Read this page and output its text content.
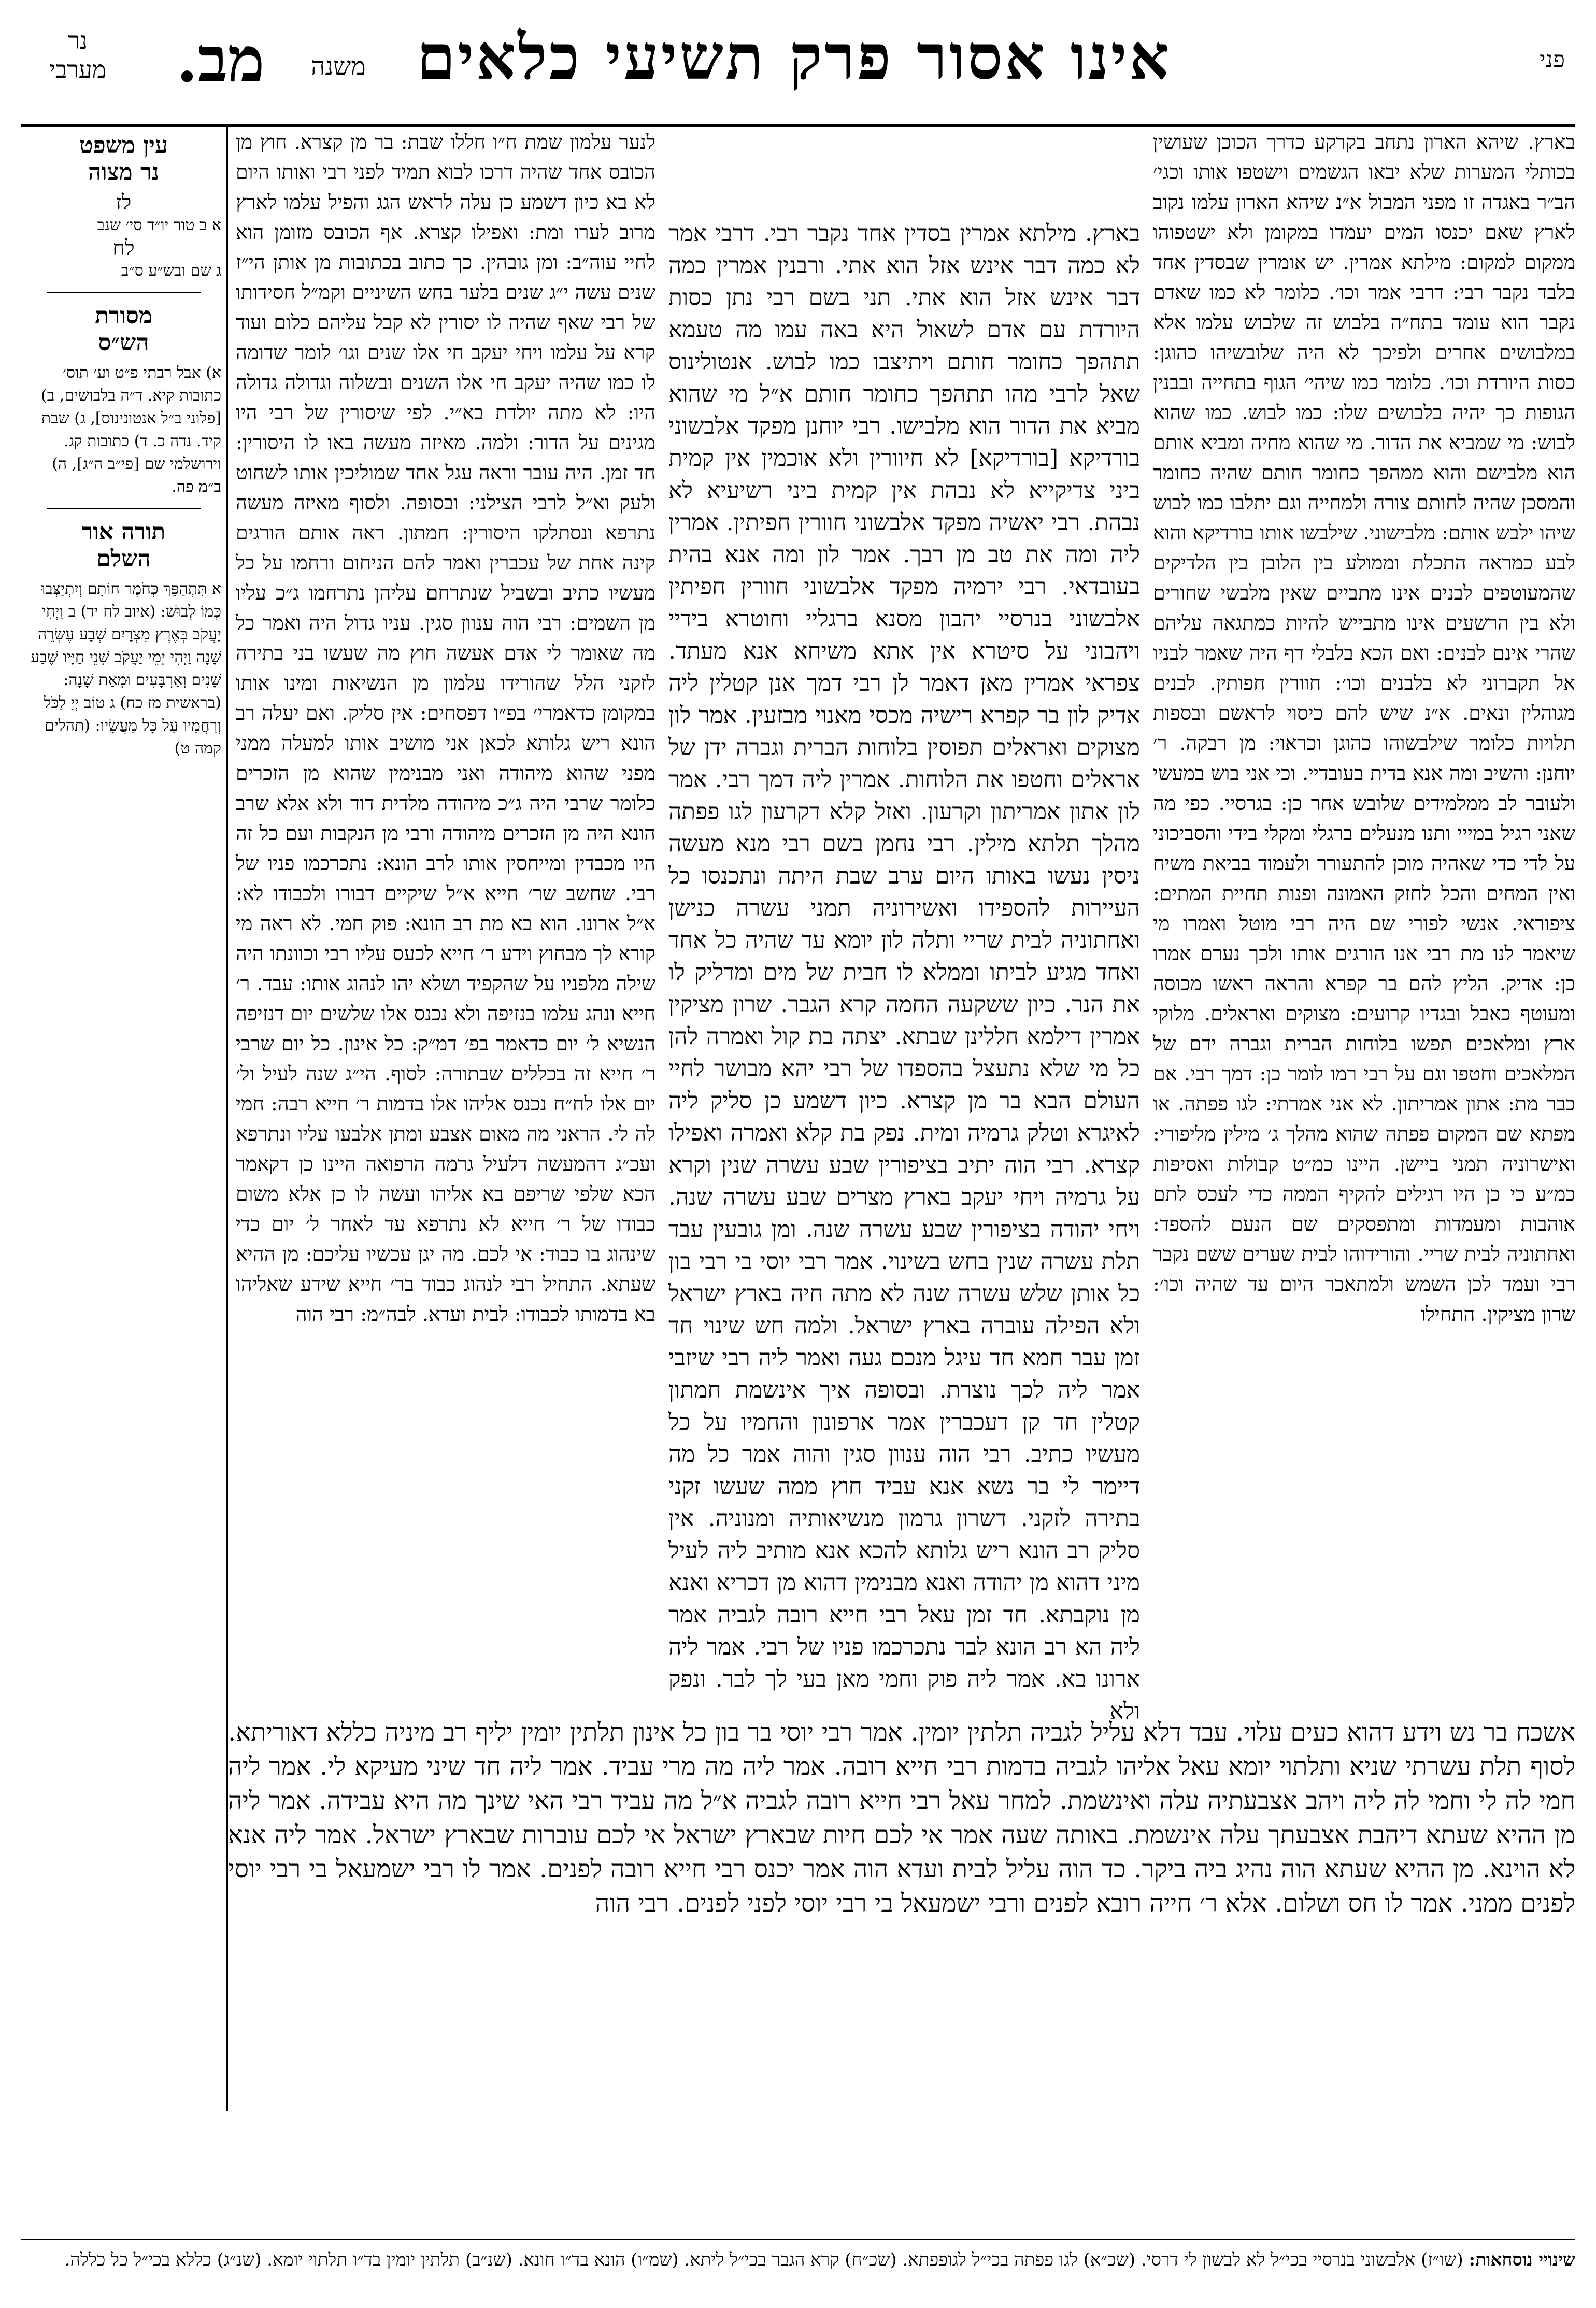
פני
אינו אסור פרק תשיעי כלאים
משנה
מב.
נר
מערבי
עין משפט
נר מצוה
לז
א ב טור יו״ד סי׳ שנב
לח
ג שם ובש״ע ס״ב
מסורת
הש״ס
א) אבל רבתי פ״ט וע׳ תוס׳ כתובות קיא. ד״ה בלבושים, ב) [פלוני ב״ל אנטונינוס], ג) שבת קיד. נדה כ. ד) כתובות קג. וירושלמי שם [פי״ב ה״ג], ה) ב״מ פה.
תורה אור
השלם
א תִּתְהַפֵּךְ כְּחֹמֶר חוֹתָם וְיִתְיַצְּבוּ כְּמוֹ לְבוּשׁ: (איוב לח יד) ב וַיְחִי יַעֲקֹב בְּאֶרֶץ מִצְרַיִם שְׁבַע עֶשְׂרֵה שָׁנָה וַיְהִי יְמֵי יַעֲקֹב שְׁנֵי חַיָּיו שֶׁבַע שָׁנִים וְאַרְבָּעִים וּמְאַת שָׁנָה: (בראשית מז כח) ג טוֹב יְיָ לַכֹּל וְרַחֲמָיו עַל כָּל מַעֲשָׂיו: (תהלים קמה ט)
בארץ. שיהא הארון נתחב בקרקע כדרך הכוכן שעושין בכותלי המערות שלא יבאו הגשמים וישטפו אותו וכגי׳ הב״ר באגדה זו מפני המבול א״נ שיהא הארון עלמו נקוב לארץ שאם יכנסו המים יעמדו במקומן ולא ישטפוהו ממקום למקום: מילתא אמרין. יש אומרין שבסדין אחד בלבד נקבר רבי: דרבי אמר וכו׳. כלומר לא כמו שאדם נקבר הוא עומד בתח״ה בלבוש זה שלבוש עלמו אלא במלבושים אחרים ולפיכך לא היה שלובשיהו כהוגן: כסות היורדת וכו׳. כלומר כמו שיהי׳ הגוף בתחייה ובבנין הגופות כך יהיה בלבושים שלו: כמו לבוש. כמו שהוא לבוש: מי שמביא את הדור. מי שהוא מחיה ומביא אותם הוא מלבישם והוא ממהפך כחומר חותם שהיה כחומר והמסכן שהיה לחותם צורה ולמחייה וגם יתלבו כמו לבוש שיהו ילבש אותם: מלבישוני. שילבשו אותו בורדיקא והוא לבע כמראה התכלת וממולע בין הלובן בין הלדיקים שהמעוטפים לבנים אינו מתביים שאין מלבשי שחורים ולא בין הרשעים אינו מתבייש להיות כמתגאה עליהם שהרי אינם לבנים: ואם הכא בלבלי דף היה שאמר לבניו אל תקברוני לא בלבנים וכו׳: חוורין חפותין. לבנים מגוהלין ונאים. א״נ שיש להם כיסוי לראשם ובספות תלויות כלומר שילבשוהו כהוגן וכראוי: מן רבקה. ר׳ יוחנן: והשיב ומה אנא בדית בעובדיי. וכי אני בוש במעשי ולעובר לב ממלמידים שלובש אחר כן: בגרסיי. כפי מה שאני רגיל במייי ותנו מנעלים ברגלי ומקלי בידי והסביכוני על לדי כדי שאהיה מוכן להתעורר ולעמוד בביאת משיח ואין המחים והכל לחזק האמונה ופנות תחיית המתים: ציפוראי. אנשי לפורי שם היה רבי מוטל ואמרו מי שיאמר לנו מת רבי אנו הורגים אותו ולכך נערם אמרו כן: אדיק. הליץ להם בר קפרא והראה ראשו מכוסה ומעוטף כאבל ובגדיו קרועים: מצוקים ואראלים. מלוקי ארץ ומלאכים תפשו בלוחות הברית וגברה ידם של המלאכים וחטפו וגם על רבי רמו לומר כן: דמך רבי. אם כבר מת: אתון אמריתון. לא אני אמרתי: לגו פפתה. או מפתא שם המקום פפתה שהוא מהלך ג׳ מילין מליפורי: ואישרוניה תמני ביישן. היינו כמ״ט קבולות ואסיפות כמ״ע כי כן היו רגילים להקיף הממה כדי לעכס לתם אוהבות ומעמדות ומתפסקים שם הנעם להספד: ואחתוניה לבית שריי. והורידוהו לבית שערים ששם נקבר רבי ועמד לכן השמש ולמתאכר היום עד שהיה וכו׳: שרון מציקין. התחילו
בארץ. מילתא אמרין בסדין אחד נקבר רבי. דרבי אמר לא כמה דבר אינש אזל הוא אתי. ורבנין אמרין כמה דבר אינש אזל הוא אתי. תני בשם רבי נתן כסות היורדת עם אדם לשאול היא באה עמו מה טעמא תתהפך כחומר חותם ויתיצבו כמו לבוש. אנטולינוס שאל לרבי מהו תתהפך כחומר חותם א״ל מי שהוא מביא את הדור הוא מלבישו. רבי יוחנן מפקד אלבשוני בורדיקא [בורדיקא] לא חיוורין ולא אוכמין אין קמית ביני צדיקייא לא נבהת אין קמית ביני רשיעיא לא נבהת. רבי יאשיה מפקד אלבשוני חוורין חפיתין. אמרין ליה ומה את טב מן רבך. אמר לון ומה אנא בהית בעובדאי. רבי ירמיה מפקד אלבשוני חוורין חפיתין אלבשוני בנרסיי יהבון מסנא ברגליי וחוטרא בידיי ויהבוני על סיטרא אין אתא משיחא אנא מעתד. צפראי אמרין מאן דאמר לן רבי דמך אנן קטלין ליה אדיק לון בר קפרא רישיה מכסי מאנוי מבזעין. אמר לון מצוקים ואראלים תפוסין בלוחות הברית וגברה ידן של אראלים וחטפו את הלוחות. אמרין ליה דמך רבי. אמר לון אתון אמריתון וקרעון. ואזל קלא דקרעון לגו פפתה מהלך תלתא מילין. רבי נחמן בשם רבי מנא מעשה ניסין נעשו באותו היום ערב שבת היתה ונתכנסו כל העיירות להספידו ואשירוניה תמני עשרה כנישן ואחתוניה לבית שריי ותלה לון יומא עד שהיה כל אחד ואחד מגיע לביתו וממלא לו חבית של מים ומדליק לו את הנר. כיון ששקעה החמה קרא הגבר. שרון מציקין אמרין דילמא חללינן שבתא. יצתה בת קול ואמרה להן כל מי שלא נתעצל בהספדו של רבי יהא מבושר לחיי העולם הבא בר מן קצרא. כיון דשמע כן סליק ליה לאיגרא וטלק גרמיה ומית. נפק בת קלא ואמרה ואפילו קצרא. רבי הוה יתיב בציפורין שבע עשרה שנין וקרא על גרמיה ויחי יעקב בארץ מצרים שבע עשרה שנה. ויחי יהודה בציפורין שבע עשרה שנה. ומן גובעין עבד תלת עשרה שנין בחש בשינוי. אמר רבי יוסי בי רבי בון כל אותן שלש עשרה שנה לא מתה חיה בארץ ישראל ולא הפילה עוברה בארץ ישראל. ולמה חש שינוי חד זמן עבר חמא חד עיגל מנכם געה ואמר ליה רבי שיזבי אמר ליה לכך נוצרת. ובסופה איך אינשמת חמתון קטלין חד קן דעכברין אמר ארפונון והחמיו על כל מעשיו כתיב. רבי הוה ענוון סגין והוה אמר כל מה דיימר לי בר נשא אנא עביד חוץ ממה שעשו זקני בתירה לזקני. דשרון גרמון מנשיאותיה ומנוניה. אין סליק רב הונא ריש גלותא להכא אנא מותיב ליה לעיל מיני דהוא מן יהודה ואנא מבנימין דהוא מן דכריא ואנא מן נוקבתא. חד זמן עאל רבי חייא רובה לגביה אמר ליה הא רב הונא לבר נתכרכמו פניו של רבי. אמר ליה ארונו בא. אמר ליה פוק וחמי מאן בעי לך לבר. ונפק ולא
לנער עלמון שמת ח״ו חללו שבת: בר מן קצרא. חוץ מן הכובס אחד שהיה דרכו לבוא תמיד לפני רבי ואותו היום לא בא כיון דשמע כן עלה לראש הגג והפיל עלמו לארץ מרוב לערו ומת: ואפילו קצרא. אף הכובס מזומן הוא לחיי עוה״ב: ומן גובהין. כך כתוב בכתובות מן אותן הי״ז שנים עשה י״ג שנים בלער בחש השיניים וקמ״ל חסידותו של רבי שאף שהיה לו יסורין לא קבל עליהם כלום ועוד קרא על עלמו ויחי יעקב חי אלו שנים וגו׳ לומר שדומה לו כמו שהיה יעקב חי אלו השנים ובשלוה וגדולה גדולה היו: לא מתה יולדת בא״י. לפי שיסורין של רבי היו מגינים על הדור: ולמה. מאיזה מעשה באו לו היסורין: חד זמן. היה עובר וראה עגל אחד שמוליכין אותו לשחוט ולעק וא״ל לרבי הצילני: ובסופה. ולסוף מאיזה מעשה נתרפא ונסתלקו היסורין: חמתון. ראה אותם הורגים קינה אחת של עכברין ואמר להם הניחום ורחמו על כל מעשיו כתיב ובשביל שנתרחם עליהן נתרחמו ג״כ עליו מן השמים: רבי הוה ענוון סגין. עניו גדול היה ואמר כל מה שאומר לי אדם אעשה חוץ מה שעשו בני בתירה לזקני הלל שהורידו עלמון מן הנשיאות ומינו אותו במקומן כדאמרי׳ בפ״ו דפסחים: אין סליק. ואם יעלה רב הונא ריש גלותא לכאן אני מושיב אותו למעלה ממני מפני שהוא מיהודה ואני מבנימין שהוא מן הזכרים כלומר שרבי היה ג״כ מיהודה מלדית דוד ולא אלא שרב הונא היה מן הזכרים מיהודה ורבי מן הנקבות ועם כל זה היו מכבדין ומייחסין אותו לרב הונא: נתכרכמו פניו של רבי. שחשב שר׳ חייא א״ל שיקיים דבורו ולכבודו לא: א״ל ארונו. הוא בא מת רב הונא: פוק חמי. לא ראה מי קורא לך מבחוץ וידע ר׳ חייא לכעס עליו רבי וכוונתו היה שילה מלפניו על שהקפיד ושלא יהו לנהוג אותו: עבד. ר׳ חייא ונהג עלמו בנזיפה ולא נכנס אלו שלשים יום דנזיפה הנשיא ל׳ יום כדאמר בפ׳ דמ״ק: כל אינון. כל יום שרבי ר׳ חייא זה בכללים שבתורה: לסוף. הי״ג שנה לעיל ול׳ יום אלו לח״ח נכנס אליהו אלו בדמות ר׳ חייא רבה: חמי לה לי. הראני מה מאום אצבע ומתן אלבעו עליו ונתרפא ועכ״ג דהמעשה דלעיל גרמה הרפואה היינו כן דקאמר הכא שלפי שריפם בא אליהו ועשה לו כן אלא משום כבודו של ר׳ חייא לא נתרפא עד לאחר ל׳ יום כדי שינהוג בו כבוד: אי לכם. מה יגן עכשיו עליכם: מן ההיא שעתא. התחיל רבי לנהוג כבוד בר׳ חייא שידע שאליהו בא בדמותו לכבודו: לבית ועדא. לבה״מ: רבי הוה
אשכח בר נש וידע דהוא כעים עלוי. עבד דלא עליל לגביה תלתין יומין. אמר רבי יוסי בר בון כל אינון תלתין יומין יליף רב מיניה כללא דאוריתא. לסוף תלת עשרתי שניא ותלתוי יומא עאל אליהו לגביה בדמות רבי חייא רובה. אמר ליה מה מרי עביד. אמר ליה חד שיני מעיקא לי. אמר ליה חמי לה לי וחמי לה ליה ויהב אצבעתיה עלה ואינשמת. למחר עאל רבי חייא רובה לגביה א״ל מה עביד רבי האי שינך מה היא עבידה. אמר ליה מן ההיא שעתא דיהבת אצבעתך עלה אינשמת. באותה שעה אמר אי לכם חיות שבארץ ישראל אי לכם עוברות שבארץ ישראל. אמר ליה אנא לא הוינא. מן ההיא שעתא הוה נהיג ביה ביקר. כד הוה עליל לבית ועדא הוה אמר יכנס רבי חייא רובה לפנים. אמר לו רבי ישמעאל בי רבי יוסי לפנים ממני. אמר לו חס ושלום. אלא ר׳ חייה רובא לפנים ורבי ישמעאל בי רבי יוסי לפני לפנים. רבי הוה
שינויי נוסחאות: (שו״ז) אלבשוני בנרסיי בכי״ל לא לבשון לי דרסי. (שכ״א) לגו פפתה בכי״ל לגופפתא. (שכ״ח) קרא הגבר בכי״ל ליתא. (שמ״ו) הונא בד״ו חונא. (שנ״ב) תלתין יומין בד״ו תלתוי יומא. (שנ״ג) כללא בכי״ל כל כללה.
